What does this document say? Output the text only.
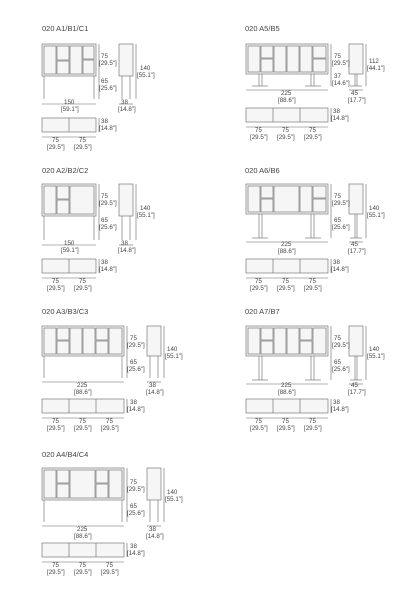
020 A1/B1/C1	020 A5/B5
020 A2/B2/C2	020 A6/B6
020 A3/B3/C3	020 A7/B7
020 A4/B4/C4
75
[29.5"]
65
[25.6"]
140
[55.1"]
150
[59.1"]
38
[14.8"]
38
[14.8"]
75
[29.5"]
75
[29.5"]
75
[29.5"]
37
[14.6"]
112
[44.1"]
225
[88.6"]
45
[17.7"]
38
[14.8"]
75
[29.5"]
75
[29.5"]
75
[29.5"]
75
[29.5"]
65
[25.6"]
140
[55.1"]
150
[59.1"]
38
[14.8"]
38
[14.8"]
75
[29.5"]
75
[29.5"]
75
[29.5"]
65
[25.6"]
140
[55.1"]
225
[88.6"]
45
[17.7"]
38
[14.8"]
75
[29.5"]
75
[29.5"]
75
[29.5"]
75
[29.5"]
65
[25.6"]
140
[55.1"]
225
[88.6"]
38
[14.8"]
38
[14.8"]
75
[29.5"]
75
[29.5"]
75
[29.5"]
75
[29.5"]
65
[25.6"]
140
[55.1"]
225
[88.6"]
45
[17.7"]
38
[14.8"]
75
[29.5"]
75
[29.5"]
75
[29.5"]
75
[29.5"]
65
[25.6"]
140
[55.1"]
225
[88.6"]
38
[14.8"]
38
[14.8"]
75
[29.5"]
75
[29.5"]
75
[29.5"]
